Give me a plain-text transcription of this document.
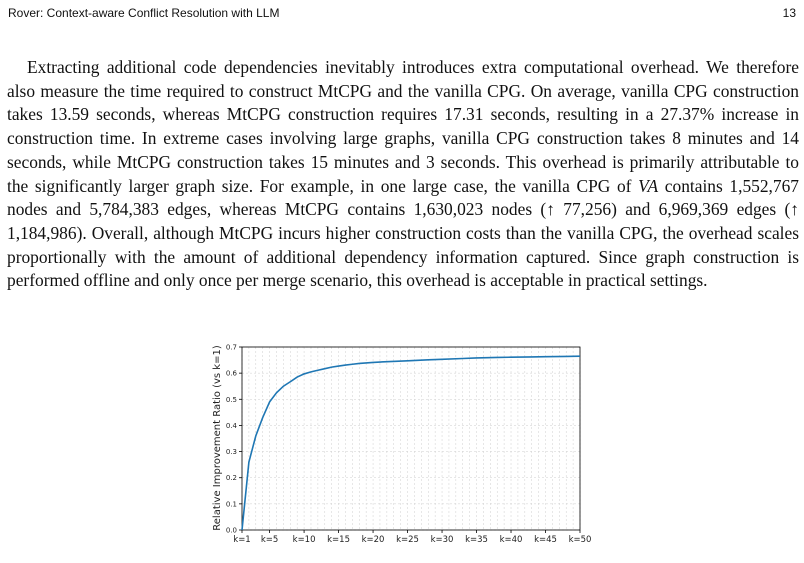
Rover: Context-aware Conflict Resolution with LLM	13

Extracting additional code dependencies inevitably introduces extra computational overhead. We therefore also measure the time required to construct MtCPG and the vanilla CPG. On average, vanilla CPG construction takes 13.59 seconds, whereas MtCPG construction requires 17.31 seconds, resulting in a 27.37% increase in construction time. In extreme cases involving large graphs, vanilla CPG construction takes 8 minutes and 14 seconds, while MtCPG construction takes 15 minutes and 3 seconds. This overhead is primarily attributable to the significantly larger graph size. For example, in one large case, the vanilla CPG of VA contains 1,552,767 nodes and 5,784,383 edges, whereas MtCPG contains 1,630,023 nodes (↑ 77,256) and 6,969,369 edges (↑ 1,184,986). Overall, although MtCPG incurs higher construction costs than the vanilla CPG, the overhead scales proportionally with the amount of additional dependency information captured. Since graph construction is performed offline and only once per merge scenario, this overhead is acceptable in practical settings.

0.0
0.1
0.2
0.3
0.4
0.5
0.6
0.7
k=1 k=5 k=10 k=15 k=20 k=25 k=30 k=35 k=40 k=45 k=50
Relative Improvement Ratio (vs k=1)
